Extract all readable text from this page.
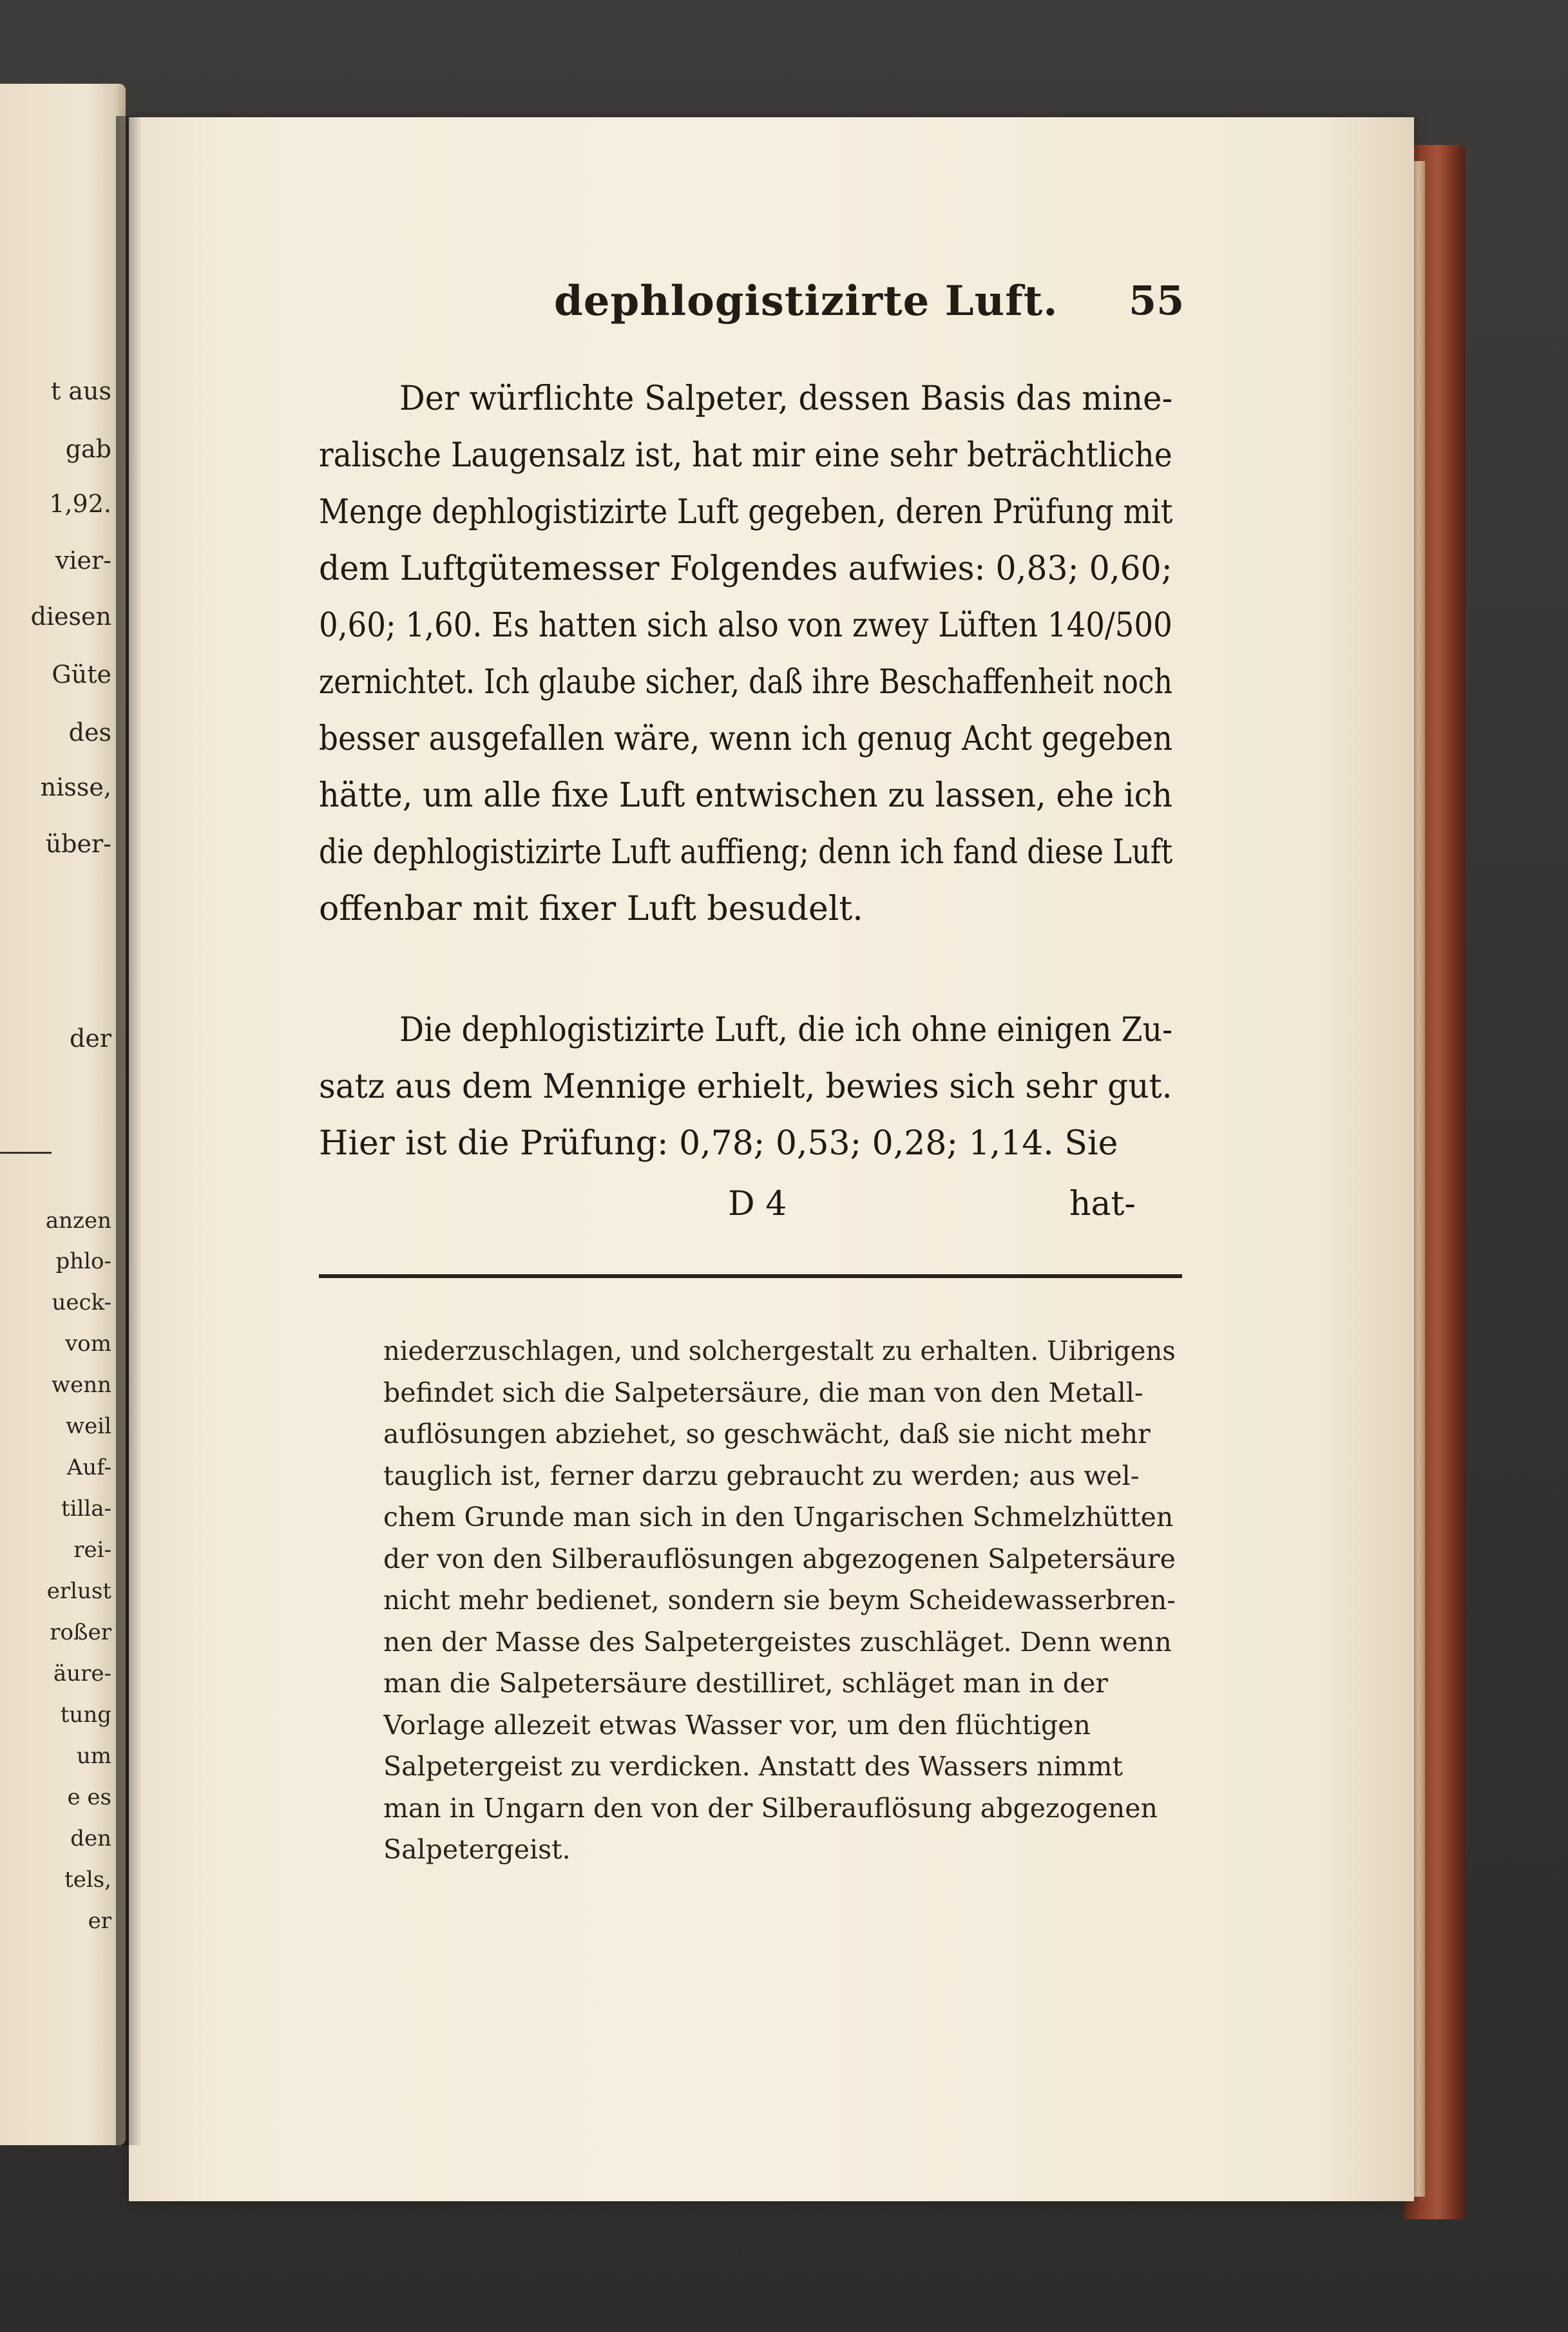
t aus
gab
1,92.
vier-
diesen
Güte
des
nisse,
über-
der
anzen
phlo-
ueck-
vom
wenn
weil
Auf-
tilla-
rei-
erlust
roßer
äure-
tung
um
e es
den
tels,
er
dephlogistizirte Luft. 55
Der würflichte Salpeter, dessen Basis das mine-
ralische Laugensalz ist, hat mir eine sehr beträchtliche
Menge dephlogistizirte Luft gegeben, deren Prüfung mit
dem Luftgütemesser Folgendes aufwies: 0,83; 0,60;
0,60; 1,60. Es hatten sich also von zwey Lüften 140/500
zernichtet. Ich glaube sicher, daß ihre Beschaffenheit noch
besser ausgefallen wäre, wenn ich genug Acht gegeben
hätte, um alle fixe Luft entwischen zu lassen, ehe ich
die dephlogistizirte Luft auffieng; denn ich fand diese Luft
offenbar mit fixer Luft besudelt.
Die dephlogistizirte Luft, die ich ohne einigen Zu-
satz aus dem Mennige erhielt, bewies sich sehr gut.
Hier ist die Prüfung: 0,78; 0,53; 0,28; 1,14. Sie
D 4	hat-
niederzuschlagen, und solchergestalt zu erhalten. Uibrigens
befindet sich die Salpetersäure, die man von den Metall-
auflösungen abziehet, so geschwächt, daß sie nicht mehr
tauglich ist, ferner darzu gebraucht zu werden; aus wel-
chem Grunde man sich in den Ungarischen Schmelzhütten
der von den Silberauflösungen abgezogenen Salpetersäure
nicht mehr bedienet, sondern sie beym Scheidewasserbren-
nen der Masse des Salpetergeistes zuschläget. Denn wenn
man die Salpetersäure destilliret, schläget man in der
Vorlage allezeit etwas Wasser vor, um den flüchtigen
Salpetergeist zu verdicken. Anstatt des Wassers nimmt
man in Ungarn den von der Silberauflösung abgezogenen
Salpetergeist.
